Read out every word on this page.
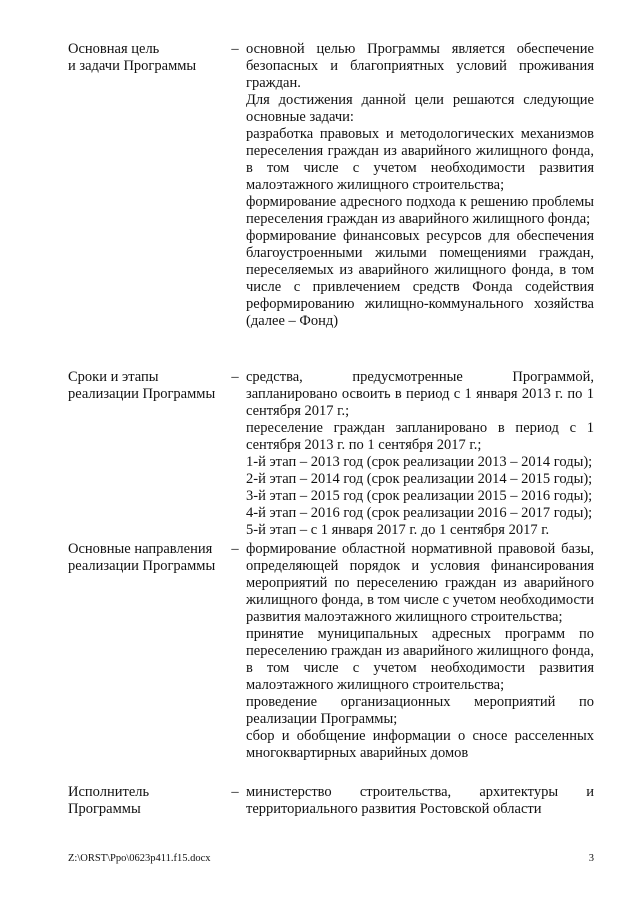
Основная цель
и задачи Программы
– основной целью Программы является обеспечение безопасных и благоприятных условий проживания граждан.

Для достижения данной цели решаются следующие основные задачи:

разработка правовых и методологических механизмов переселения граждан из аварийного жилищного фонда, в том числе с учетом необходимости развития малоэтажного жилищного строительства;

формирование адресного подхода к решению проблемы переселения граждан из аварийного жилищного фонда;

формирование финансовых ресурсов для обеспечения благоустроенными жилыми помещениями граждан, переселяемых из аварийного жилищного фонда, в том числе с привлечением средств Фонда содействия реформированию жилищно-коммунального хозяйства (далее – Фонд)

Сроки и этапы
реализации Программы
– средства, предусмотренные Программой, запланировано освоить в период с 1 января 2013 г. по 1 сентября 2017 г.;

переселение граждан запланировано в период с 1 сентября 2013 г. по 1 сентября 2017 г.;

1-й этап – 2013 год (срок реализации 2013 – 2014 годы);

2-й этап – 2014 год (срок реализации 2014 – 2015 годы);

3-й этап – 2015 год (срок реализации 2015 – 2016 годы);

4-й этап – 2016 год (срок реализации 2016 – 2017 годы);

5-й этап – с 1 января 2017 г. до 1 сентября 2017 г.

Основные направления
реализации Программы
– формирование областной нормативной правовой базы, определяющей порядок и условия финансирования мероприятий по переселению граждан из аварийного жилищного фонда, в том числе с учетом необходимости развития малоэтажного жилищного строительства;

принятие муниципальных адресных программ по переселению граждан из аварийного жилищного фонда, в том числе с учетом необходимости развития малоэтажного жилищного строительства;

проведение организационных мероприятий по реализации Программы;

сбор и обобщение информации о сносе расселенных многоквартирных аварийных домов

Исполнитель
Программы
– министерство строительства, архитектуры и территориального развития Ростовской области

Z:\ORST\Ppo\0623p411.f15.docx	3
